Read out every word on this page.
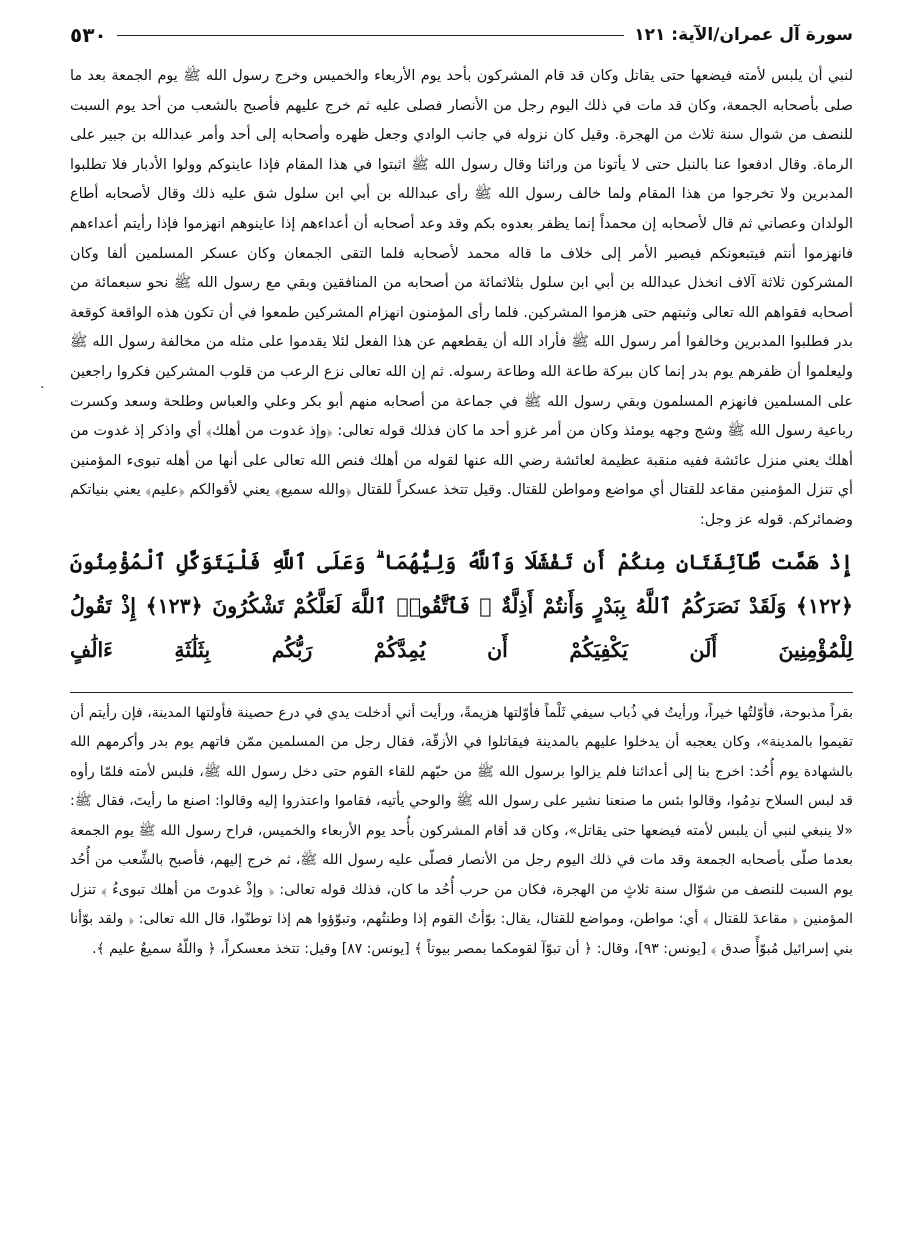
٥٣٠	سورة آل عمران/الآية: ١٢١

لنبي أن يلبس لأمته فيضعها حتى يقاتل وكان قد قام المشركون بأحد يوم الأربعاء والخميس وخرج رسول الله ﷺ يوم الجمعة بعد ما صلى بأصحابه الجمعة، وكان قد مات في ذلك اليوم رجل من الأنصار فصلى عليه ثم خرج عليهم فأصبح بالشعب من أحد يوم السبت للنصف من شوال سنة ثلاث من الهجرة. وقيل كان نزوله في جانب الوادي وجعل ظهره وأصحابه إلى أحد وأمر عبدالله بن جبير على الرماة. وقال ادفعوا عنا بالنبل حتى لا يأتونا من ورائنا وقال رسول الله ﷺ اثبتوا في هذا المقام فإذا عاينوكم وولوا الأدبار فلا تطلبوا المدبرين ولا تخرجوا من هذا المقام ولما خالف رسول الله ﷺ رأى عبدالله بن أبي ابن سلول شق عليه ذلك وقال لأصحابه أطاع الولدان وعصاني ثم قال لأصحابه إن محمداً إنما يظفر بعدوه بكم وقد وعد أصحابه أن أعداءهم إذا عاينوهم انهزموا فإذا رأيتم أعداءهم فانهزموا أنتم فيتبعونكم فيصير الأمر إلى خلاف ما قاله محمد لأصحابه فلما التقى الجمعان وكان عسكر المسلمين ألفا وكان المشركون ثلاثة آلاف انخذل عبدالله بن أبي ابن سلول بثلاثمائة من أصحابه من المنافقين وبقي مع رسول الله ﷺ نحو سبعمائة من أصحابه فقواهم الله تعالى وثبتهم حتى هزموا المشركين. فلما رأى المؤمنون انهزام المشركين طمعوا في أن تكون هذه الواقعة كوقعة بدر فطلبوا المدبرين وخالفوا أمر رسول الله ﷺ فأراد الله أن يقطعهم عن هذا الفعل لئلا يقدموا على مثله من مخالفة رسول الله ﷺ وليعلموا أن ظفرهم يوم بدر إنما كان ببركة طاعة الله وطاعة رسوله. ثم إن الله تعالى نزع الرعب من قلوب المشركين فكروا راجعين على المسلمين فانهزم المسلمون وبقي رسول الله ﷺ في جماعة من أصحابه منهم أبو بكر وعلي والعباس وطلحة وسعد وكسرت رباعية رسول الله ﷺ وشج وجهه يومئذ وكان من أمر غزو أحد ما كان فذلك قوله تعالى: ﴿وإذ غدوت من أهلك﴾ أي واذكر إذ غدوت من أهلك يعني منزل عائشة ففيه منقبة عظيمة لعائشة رضي الله عنها لقوله من أهلك فنص الله تعالى على أنها من أهله تبوىء المؤمنين أي تنزل المؤمنين مقاعد للقتال أي مواضع ومواطن للقتال. وقيل تتخذ عسكراً للقتال ﴿والله سميع﴾ يعني لأقوالكم ﴿عليم﴾ يعني بنياتكم وضمائركم. قوله عز وجل:

إِذْ هَمَّت طَّآئِفَتَانِ مِنكُمْ أَن تَفْشَلَا وَٱللَّهُ وَلِيُّهُمَا ۗ وَعَلَى ٱللَّهِ فَلْيَتَوَكَّلِ ٱلْمُؤْمِنُونَ ﴿١٢٢﴾ وَلَقَدْ نَصَرَكُمُ ٱللَّهُ بِبَدْرٍ وَأَنتُمْ أَذِلَّةٌ ۖ فَٱتَّقُوا۟ ٱللَّهَ لَعَلَّكُمْ تَشْكُرُونَ ﴿١٢٣﴾ إِذْ تَقُولُ لِلْمُؤْمِنِينَ أَلَن يَكْفِيَكُمْ أَن يُمِدَّكُمْ رَبُّكُم بِثَلَٰثَةِ ءَالَٰفٍ

بقراً مذبوحة، فأوّلتُها خيراً، ورأيتُ في ذُباب سيفي ثَلْماً فأوّلتها هزيمةً، ورأيت أني أدخلت يدي في درع حصينة فأولتها المدينة، فإن رأيتم أن تقيموا بالمدينة»، وكان يعجبه أن يدخلوا عليهم بالمدينة فيقاتلوا في الأزقّة، فقال رجل من المسلمين ممّن فاتهم يوم بدر وأكرمهم الله بالشهادة يوم أُحُد: اخرج بنا إلى أعدائنا فلم يزالوا برسول الله ﷺ من حبّهم للقاء القوم حتى دخل رسول الله ﷺ، فلبس لأمته فلمّا رأوه قد لبس السلاح ندِمُوا، وقالوا بئس ما صنعنا نشير على رسول الله ﷺ والوحي يأتيه، فقاموا واعتذروا إليه وقالوا: اصنع ما رأيتَ، فقال ﷺ: «لا ينبغي لنبي أن يلبس لأمته فيضعها حتى يقاتل»، وكان قد أقام المشركون بأُحد يوم الأربعاء والخميس، فراح رسول الله ﷺ يوم الجمعة بعدما صلّى بأصحابه الجمعة وقد مات في ذلك اليوم رجل من الأنصار فصلّى عليه رسول الله ﷺ، ثم خرج إليهم، فأصبح بالشِّعب من أُحُد يوم السبت للنصف من شوّال سنة ثلاثٍ من الهجرة، فكان من حرب أُحُد ما كان، فذلك قوله تعالى: ﴿ وإذْ غدوتَ من أهلك تبوىءُ ﴾ تنزل المؤمنين ﴿ مقاعدَ للقتال ﴾ أي: مواطن، ومواضع للقتال، يقال: بوّأتُ القوم إذا وطنتُهم، وتبوّؤوا هم إذا توطنّوا، قال الله تعالى: ﴿ ولقد بوّأنا بني إسرائيل مُبوّأً صدق ﴾ [يونس: ٩٣]، وقال: ﴿ أن تبوّآ لقومكما بمصر بيوتاً ﴾ [يونس: ٨٧] وقيل: تتخذ معسكراً، ﴿ واللّهُ سميعٌ عليم ﴾.

·
